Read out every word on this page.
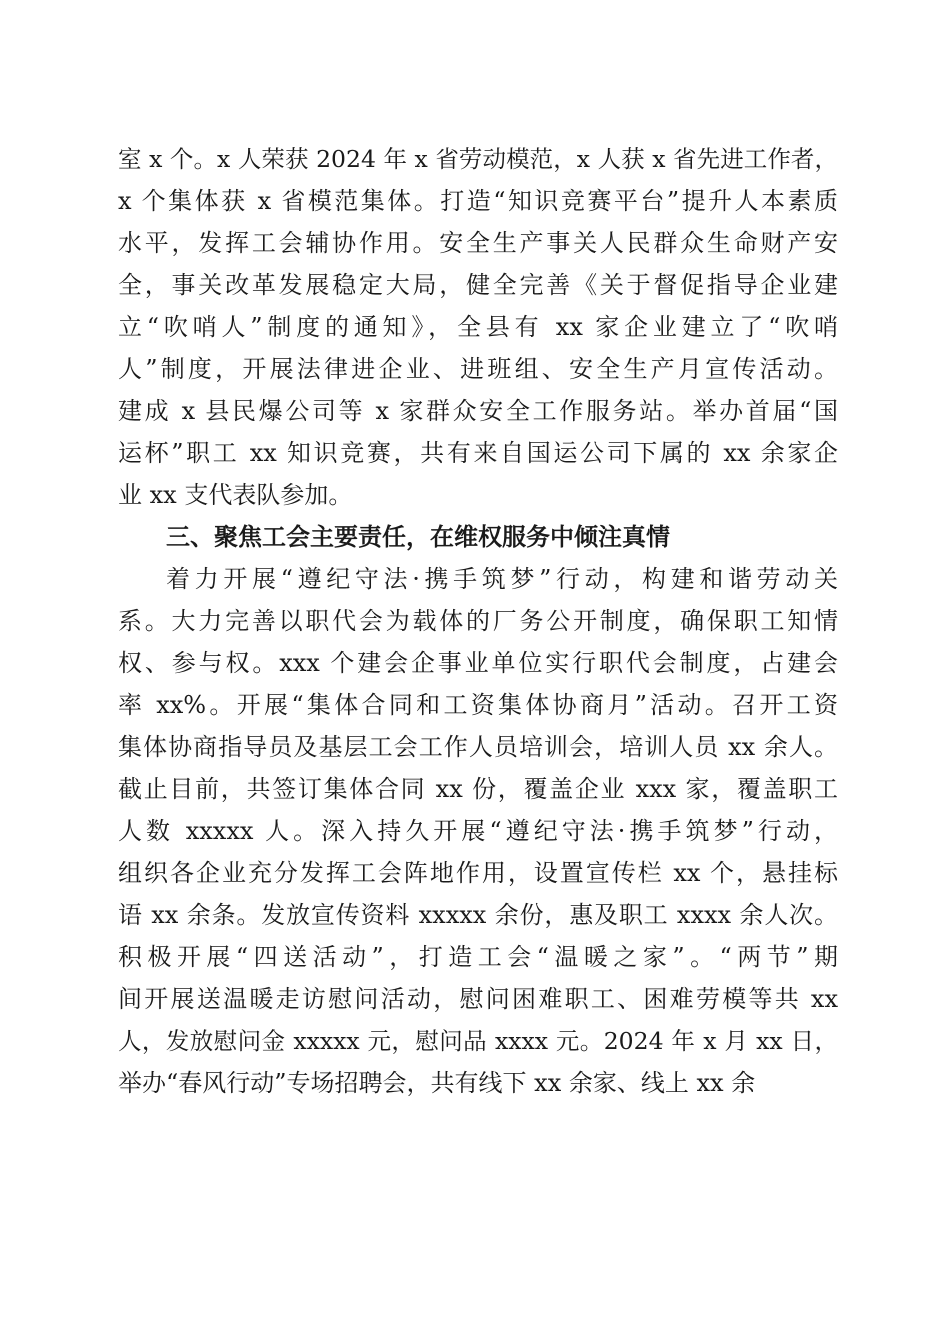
室 x 个。x 人荣获 2024 年 x 省劳动模范，x 人获 x 省先进工作者，
x 个集体获 x 省模范集体。打造“知识竞赛平台”提升人本素质
水平，发挥工会辅协作用。安全生产事关人民群众生命财产安
全，事关改革发展稳定大局，健全完善《关于督促指导企业建
立“吹哨人”制度的通知》，全县有 xx 家企业建立了“吹哨
人”制度，开展法律进企业、进班组、安全生产月宣传活动。
建成 x 县民爆公司等 x 家群众安全工作服务站。举办首届“国
运杯”职工 xx 知识竞赛，共有来自国运公司下属的 xx 余家企
业 xx 支代表队参加。
三、聚焦工会主要责任，在维权服务中倾注真情
着力开展“遵纪守法·携手筑梦”行动，构建和谐劳动关
系。大力完善以职代会为载体的厂务公开制度，确保职工知情
权、参与权。xxx 个建会企事业单位实行职代会制度，占建会
率 xx%。开展“集体合同和工资集体协商月”活动。召开工资
集体协商指导员及基层工会工作人员培训会，培训人员 xx 余人。
截止目前，共签订集体合同 xx 份，覆盖企业 xxx 家，覆盖职工
人数 xxxxx 人。深入持久开展“遵纪守法·携手筑梦”行动，
组织各企业充分发挥工会阵地作用，设置宣传栏 xx 个，悬挂标
语 xx 余条。发放宣传资料 xxxxx 余份，惠及职工 xxxx 余人次。
积极开展“四送活动”，打造工会“温暖之家”。“两节”期
间开展送温暖走访慰问活动，慰问困难职工、困难劳模等共 xx
人，发放慰问金 xxxxx 元，慰问品 xxxx 元。2024 年 x 月 xx 日，
举办“春风行动”专场招聘会，共有线下 xx 余家、线上 xx 余
